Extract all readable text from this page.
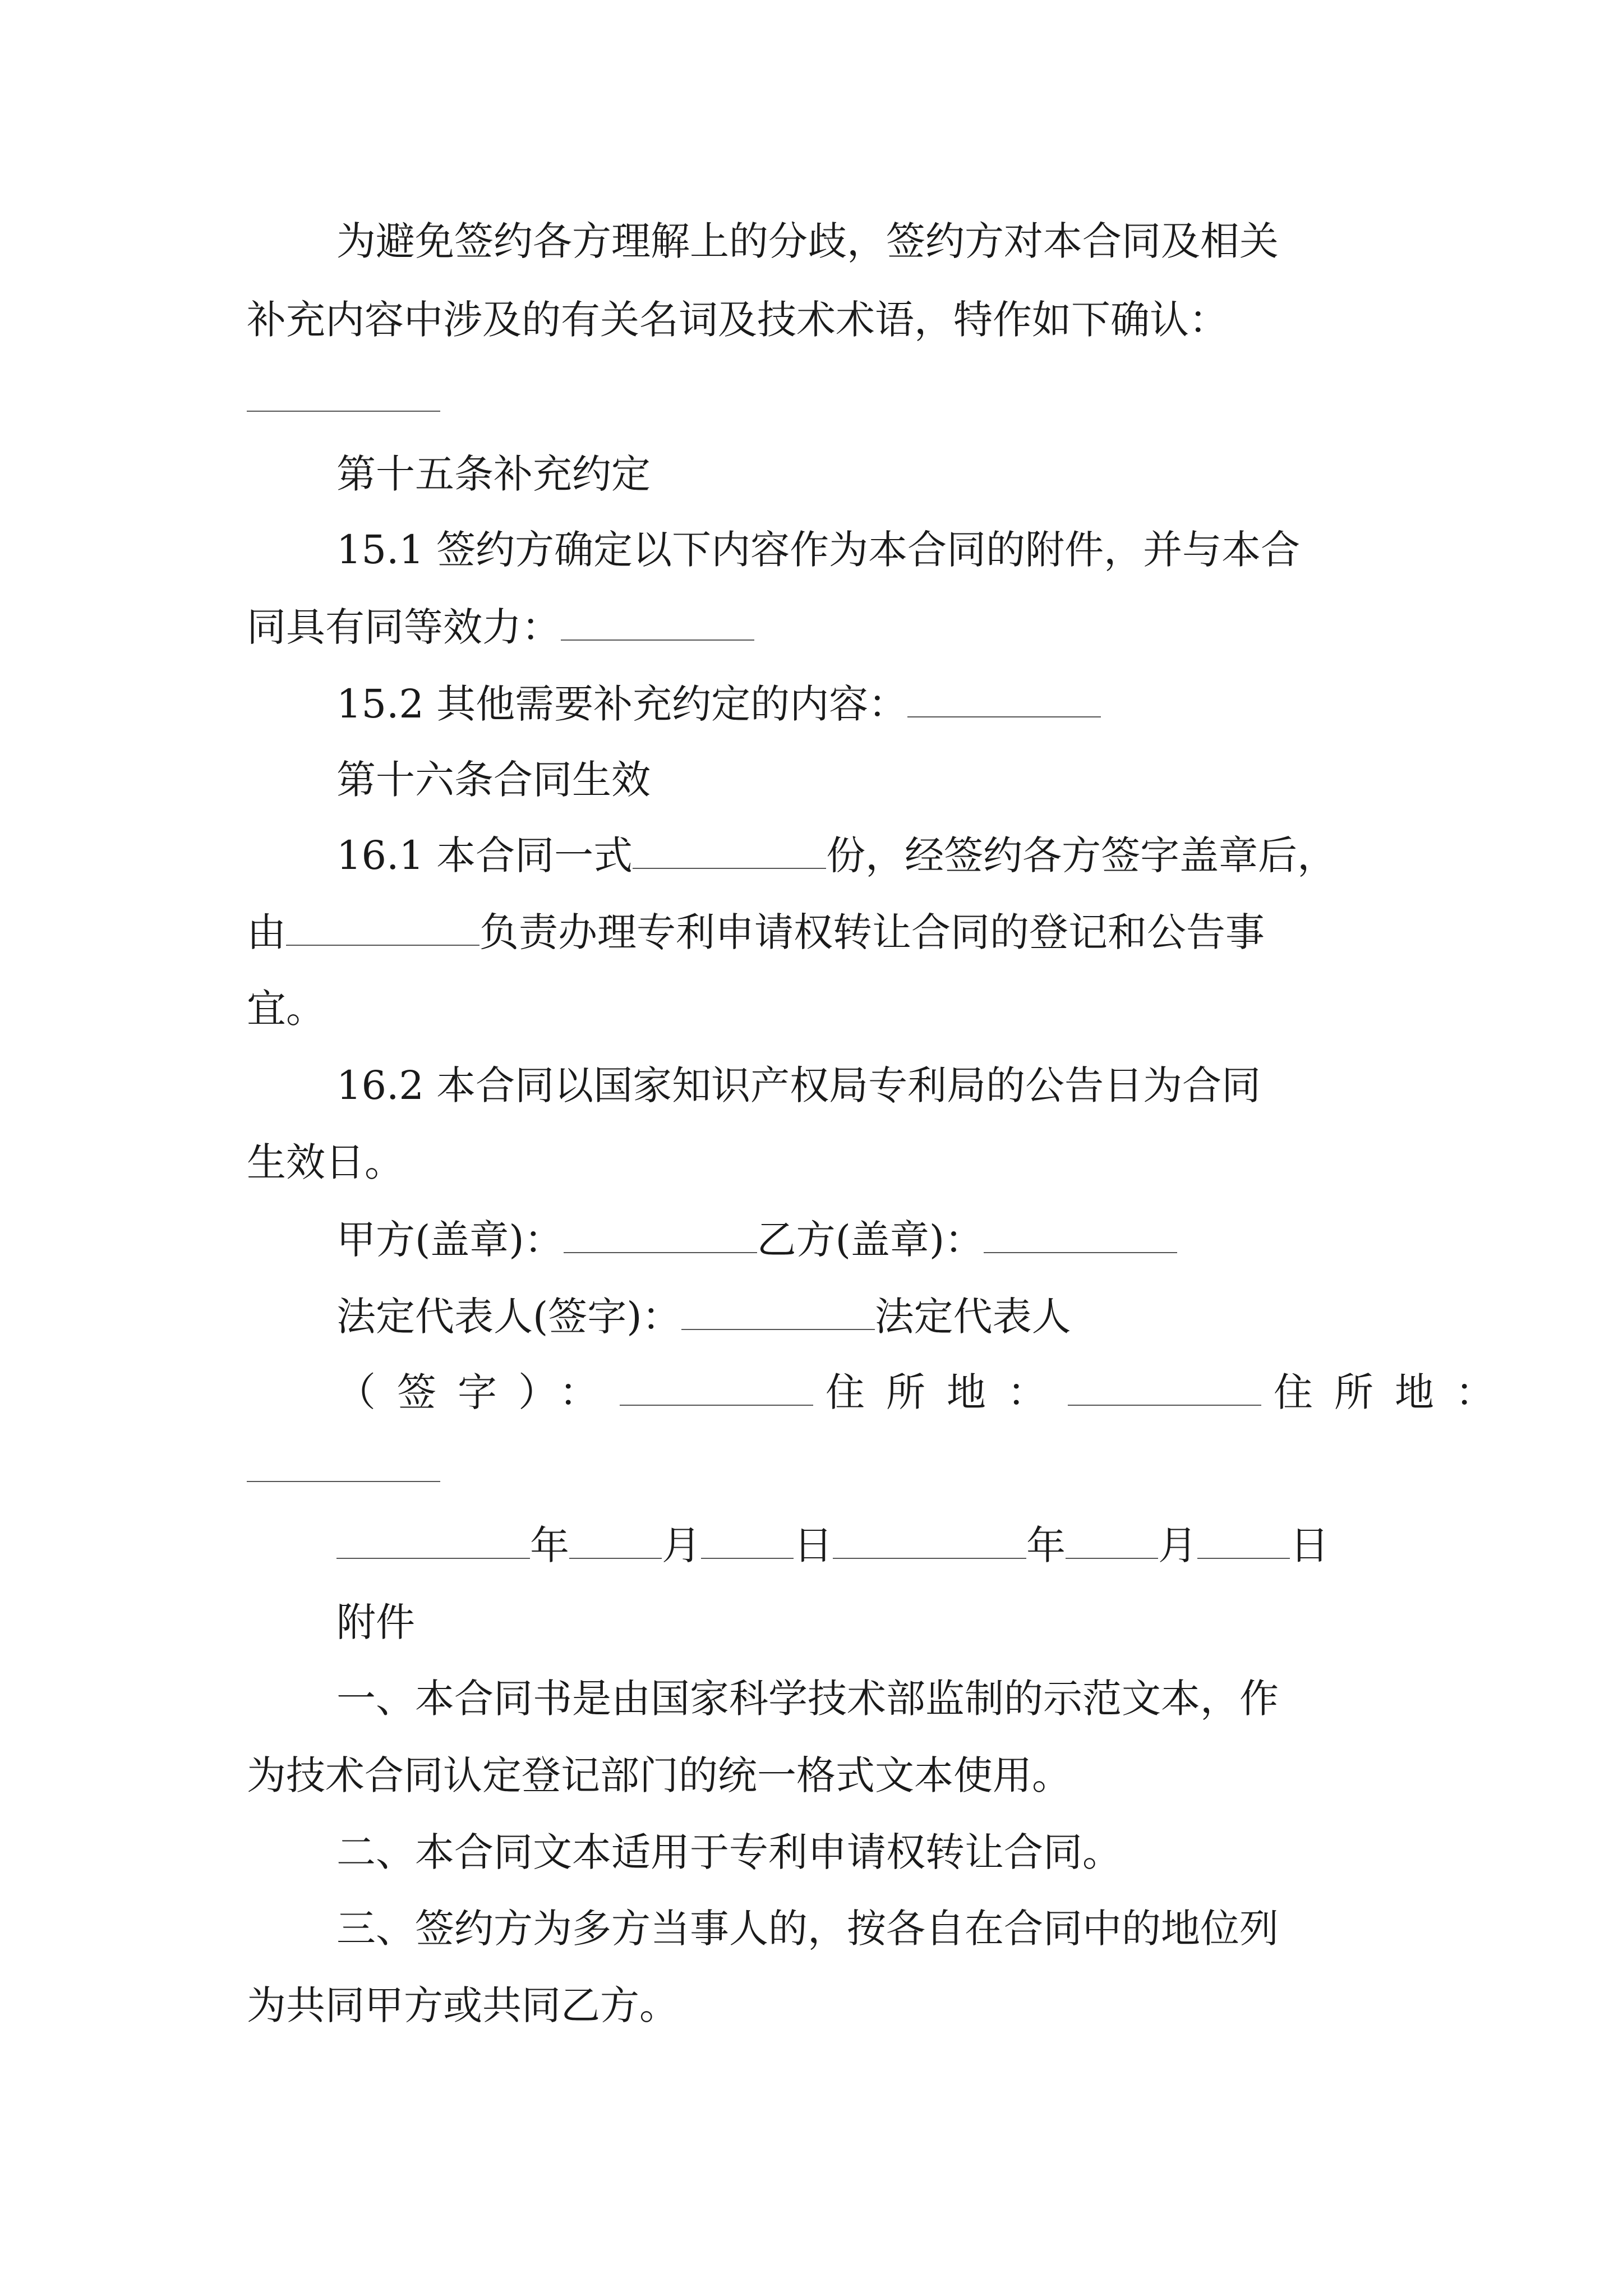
为避免签约各方理解上的分歧，签约方对本合同及相关
补充内容中涉及的有关名词及技术术语，特作如下确认：
第十五条补充约定
15.1 签约方确定以下内容作为本合同的附件，并与本合
同具有同等效力：
15.2 其他需要补充约定的内容：
第十六条合同生效
16.1 本合同一式	份，经签约各方签字盖章后，
由	负责办理专利申请权转让合同的登记和公告事
宜。
16.2 本合同以国家知识产权局专利局的公告日为合同
生效日。
甲方(盖章)：	乙方(盖章)：
法定代表人(签字)：	法定代表人
（签字）：	住所地：	住所地：
年 月 日	年 月 日
附件
一、本合同书是由国家科学技术部监制的示范文本，作
为技术合同认定登记部门的统一格式文本使用。
二、本合同文本适用于专利申请权转让合同。
三、签约方为多方当事人的，按各自在合同中的地位列
为共同甲方或共同乙方。
